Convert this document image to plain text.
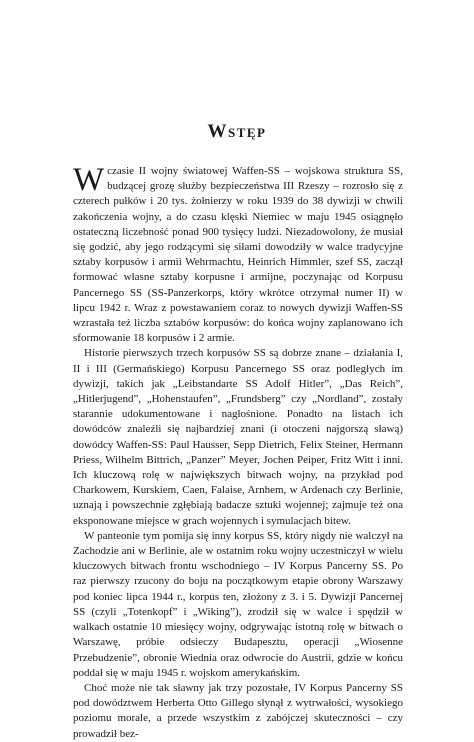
Wstęp

Wczasie II wojny światowej Waffen-SS – wojskowa struktura SS, budzącej grozę służby bezpieczeństwa III Rzeszy – rozrosło się z czterech pułków i 20 tys. żołnierzy w roku 1939 do 38 dywizji w chwili zakończenia wojny, a do czasu klęski Niemiec w maju 1945 osiągnęło ostateczną liczebność ponad 900 tysięcy ludzi. Niezadowolony, że musiał się godzić, aby jego rodzącymi się siłami dowodziły w walce tradycyjne sztaby korpusów i armii Wehrmachtu, Heinrich Himmler, szef SS, zaczął formować własne sztaby korpusne i armijne, poczynając od Korpusu Pancernego SS (SS-Panzerkorps, który wkrótce otrzymał numer II) w lipcu 1942 r. Wraz z powstawaniem coraz to nowych dywizji Waffen-SS wzrastała też liczba sztabów korpusów: do końca wojny zaplanowano ich sformowanie 18 korpusów i 2 armie.

Historie pierwszych trzech korpusów SS są dobrze znane – działania I, II i III (Germańskiego) Korpusu Pancernego SS oraz podległych im dywizji, takich jak „Leibstandarte SS Adolf Hitler”, „Das Reich”, „Hitlerjugend”, „Hohenstaufen”, „Frundsberg” czy „Nordland”, zostały starannie udokumentowane i nagłośnione. Ponadto na listach ich dowódców znaleźli się najbardziej znani (i otoczeni najgorszą sławą) dowódcy Waffen-SS: Paul Hausser, Sepp Dietrich, Felix Steiner, Hermann Priess, Wilhelm Bittrich, „Panzer” Meyer, Jochen Peiper, Fritz Witt i inni. Ich kluczową rolę w największych bitwach wojny, na przykład pod Charkowem, Kurskiem, Caen, Falaise, Arnhem, w Ardenach czy Berlinie, uznają i powszechnie zgłębiają badacze sztuki wojennej; zajmuje też ona eksponowane miejsce w grach wojennych i symulacjach bitew.

W panteonie tym pomija się inny korpus SS, który nigdy nie walczył na Zachodzie ani w Berlinie, ale w ostatnim roku wojny uczestniczył w wielu kluczowych bitwach frontu wschodniego – IV Korpus Pancerny SS. Po raz pierwszy rzucony do boju na początkowym etapie obrony Warszawy pod koniec lipca 1944 r., korpus ten, złożony z 3. i 5. Dywizji Pancernej SS (czyli „Totenkopf” i „Wiking”), zrodził się w walce i spędził w walkach ostatnie 10 miesięcy wojny, odgrywając istotną rolę w bitwach o Warszawę, próbie odsieczy Budapesztu, operacji „Wiosenne Przebudzenie”, obronie Wiednia oraz odwrocie do Austrii, gdzie w końcu poddał się w maju 1945 r. wojskom amerykańskim.

Choć może nie tak sławny jak trzy pozostałe, IV Korpus Pancerny SS pod dowództwem Herberta Otto Gillego słynął z wytrwałości, wysokiego poziomu morale, a przede wszystkim z zabójczej skuteczności – czy prowadził bez-
